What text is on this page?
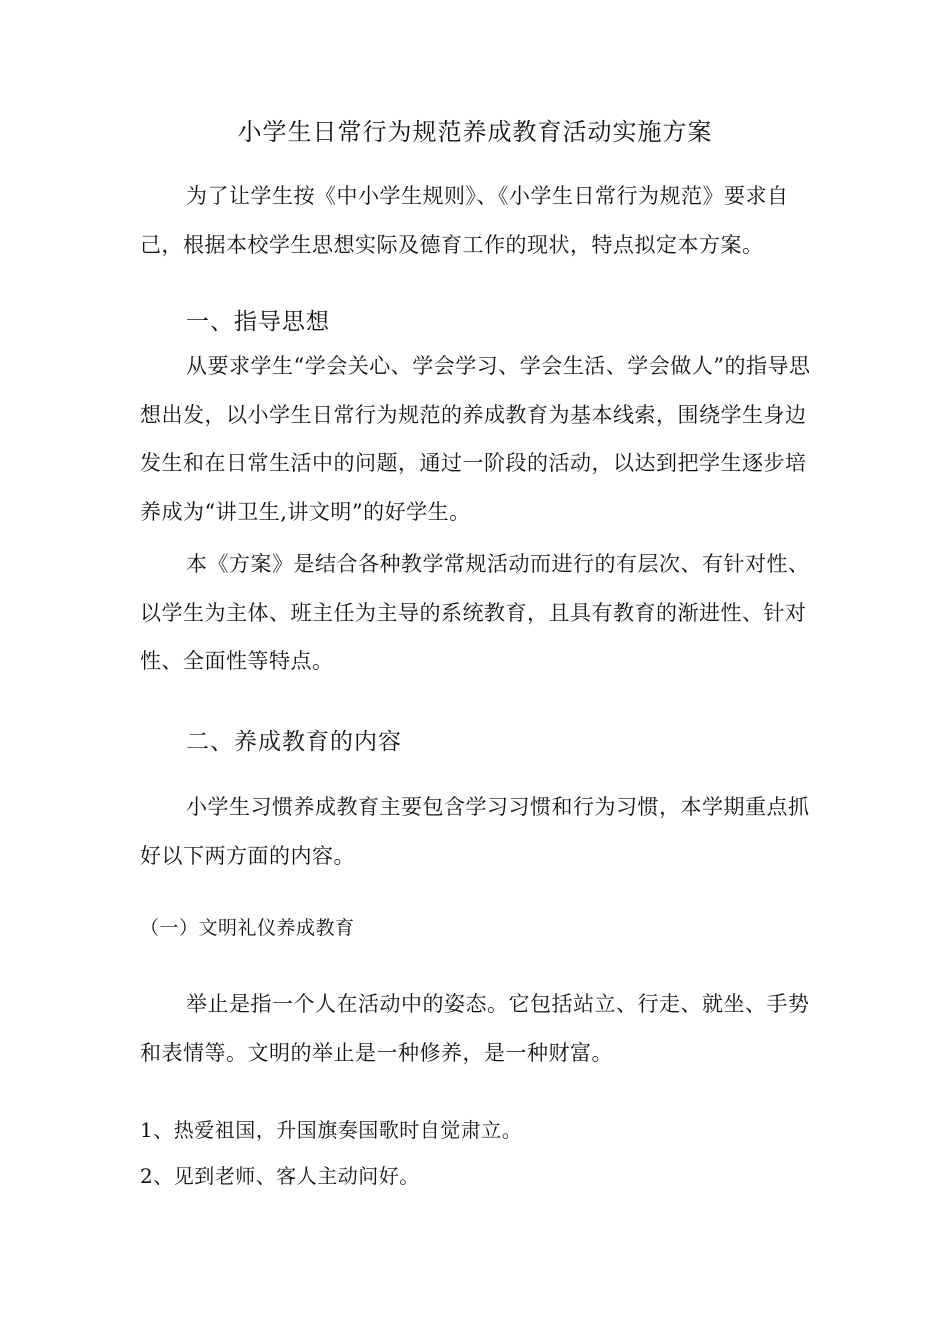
小学生日常行为规范养成教育活动实施方案

为了让学生按《中小学生规则》、《小学生日常行为规范》要求自己，根据本校学生思想实际及德育工作的现状，特点拟定本方案。

一、指导思想

从要求学生“学会关心、学会学习、学会生活、学会做人”的指导思想出发，以小学生日常行为规范的养成教育为基本线索，围绕学生身边发生和在日常生活中的问题，通过一阶段的活动，以达到把学生逐步培养成为“讲卫生,讲文明”的好学生。

本《方案》是结合各种教学常规活动而进行的有层次、有针对性、以学生为主体、班主任为主导的系统教育，且具有教育的渐进性、针对性、全面性等特点。

二、养成教育的内容

小学生习惯养成教育主要包含学习习惯和行为习惯，本学期重点抓好以下两方面的内容。

（一）文明礼仪养成教育

举止是指一个人在活动中的姿态。它包括站立、行走、就坐、手势和表情等。文明的举止是一种修养，是一种财富。

1、热爱祖国，升国旗奏国歌时自觉肃立。
2、见到老师、客人主动问好。
